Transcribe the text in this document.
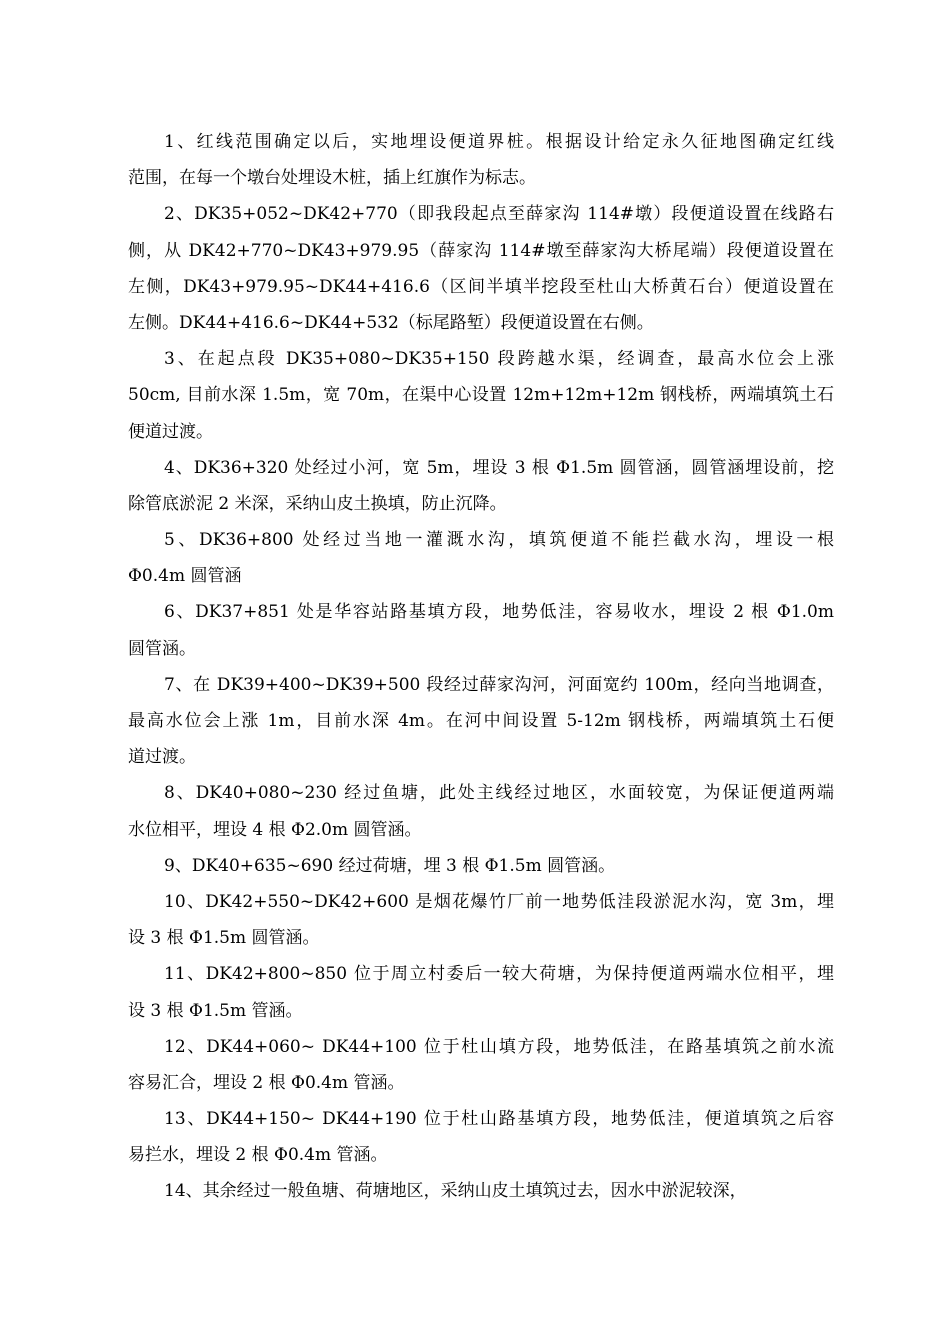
1、红线范围确定以后，实地埋设便道界桩。根据设计给定永久征地图确定红线
范围，在每一个墩台处埋设木桩，插上红旗作为标志。
2、DK35+052~DK42+770（即我段起点至薛家沟 114#墩）段便道设置在线路右
侧，从 DK42+770~DK43+979.95（薛家沟 114#墩至薛家沟大桥尾端）段便道设置在
左侧，DK43+979.95~DK44+416.6（区间半填半挖段至杜山大桥黄石台）便道设置在
左侧。DK44+416.6~DK44+532（标尾路堑）段便道设置在右侧。
3、在起点段 DK35+080~DK35+150 段跨越水渠，经调查，最高水位会上涨
50cm, 目前水深 1.5m，宽 70m，在渠中心设置 12m+12m+12m 钢栈桥，两端填筑土石
便道过渡。
4、DK36+320 处经过小河，宽 5m，埋设 3 根 Φ1.5m 圆管涵，圆管涵埋设前，挖
除管底淤泥 2 米深，采纳山皮土换填，防止沉降。
5、DK36+800 处经过当地一灌溉水沟，填筑便道不能拦截水沟，埋设一根
Φ0.4m 圆管涵
6、DK37+851 处是华容站路基填方段，地势低洼，容易收水，埋设 2 根 Φ1.0m
圆管涵。
7、在 DK39+400~DK39+500 段经过薛家沟河，河面宽约 100m，经向当地调查，
最高水位会上涨 1m，目前水深 4m。在河中间设置 5-12m 钢栈桥，两端填筑土石便
道过渡。
8、DK40+080~230 经过鱼塘，此处主线经过地区，水面较宽，为保证便道两端
水位相平，埋设 4 根 Φ2.0m 圆管涵。
9、DK40+635~690 经过荷塘，埋 3 根 Φ1.5m 圆管涵。
10、DK42+550~DK42+600 是烟花爆竹厂前一地势低洼段淤泥水沟，宽 3m，埋
设 3 根 Φ1.5m 圆管涵。
11、DK42+800~850 位于周立村委后一较大荷塘，为保持便道两端水位相平，埋
设 3 根 Φ1.5m 管涵。
12、DK44+060~ DK44+100 位于杜山填方段，地势低洼，在路基填筑之前水流
容易汇合，埋设 2 根 Φ0.4m 管涵。
13、DK44+150~ DK44+190 位于杜山路基填方段，地势低洼，便道填筑之后容
易拦水，埋设 2 根 Φ0.4m 管涵。
14、其余经过一般鱼塘、荷塘地区，采纳山皮土填筑过去，因水中淤泥较深，
